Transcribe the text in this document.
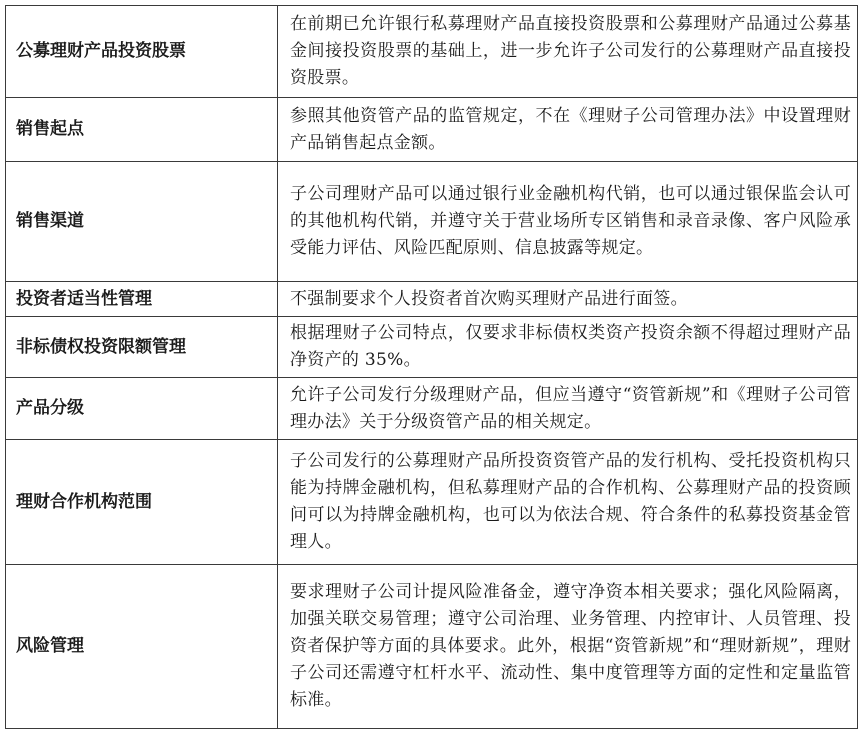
公募理财产品投资股票	在前期已允许银行私募理财产品直接投资股票和公募理财产品通过公募基金间接投资股票的基础上，进一步允许子公司发行的公募理财产品直接投资股票。
销售起点	参照其他资管产品的监管规定，不在《理财子公司管理办法》中设置理财产品销售起点金额。
销售渠道	子公司理财产品可以通过银行业金融机构代销，也可以通过银保监会认可的其他机构代销，并遵守关于营业场所专区销售和录音录像、客户风险承受能力评估、风险匹配原则、信息披露等规定。
投资者适当性管理	不强制要求个人投资者首次购买理财产品进行面签。
非标债权投资限额管理	根据理财子公司特点，仅要求非标债权类资产投资余额不得超过理财产品净资产的 35%。
产品分级	允许子公司发行分级理财产品，但应当遵守“资管新规”和《理财子公司管理办法》关于分级资管产品的相关规定。
理财合作机构范围	子公司发行的公募理财产品所投资资管产品的发行机构、受托投资机构只能为持牌金融机构，但私募理财产品的合作机构、公募理财产品的投资顾问可以为持牌金融机构，也可以为依法合规、符合条件的私募投资基金管理人。
风险管理	要求理财子公司计提风险准备金，遵守净资本相关要求；强化风险隔离，加强关联交易管理；遵守公司治理、业务管理、内控审计、人员管理、投资者保护等方面的具体要求。此外，根据“资管新规”和“理财新规”，理财子公司还需遵守杠杆水平、流动性、集中度管理等方面的定性和定量监管标准。
